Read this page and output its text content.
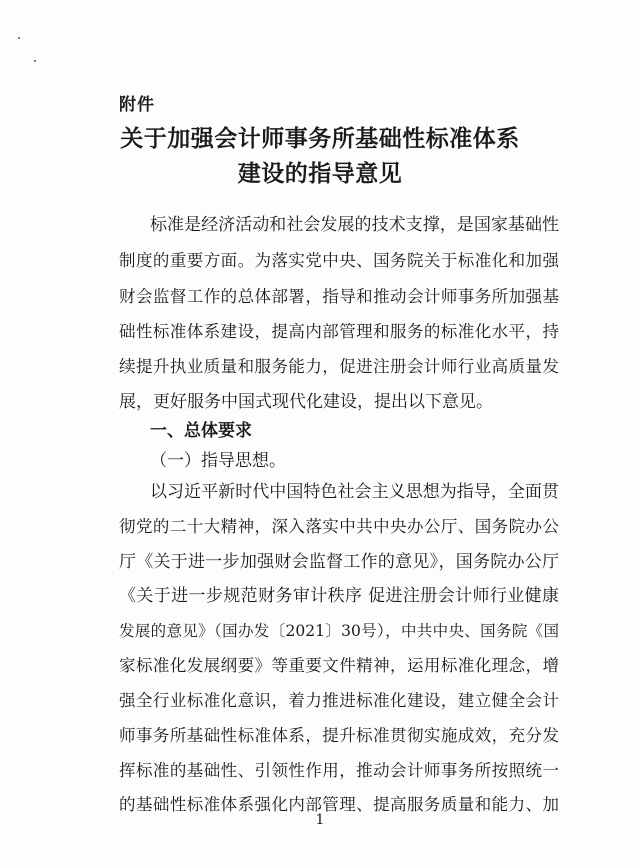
附件
关于加强会计师事务所基础性标准体系
建设的指导意见
标准是经济活动和社会发展的技术支撑，是国家基础性
制度的重要方面。为落实党中央、国务院关于标准化和加强
财会监督工作的总体部署，指导和推动会计师事务所加强基
础性标准体系建设，提高内部管理和服务的标准化水平，持
续提升执业质量和服务能力，促进注册会计师行业高质量发
展，更好服务中国式现代化建设，提出以下意见。
一、总体要求
（一）指导思想。
以习近平新时代中国特色社会主义思想为指导，全面贯
彻党的二十大精神，深入落实中共中央办公厅、国务院办公
厅《关于进一步加强财会监督工作的意见》，国务院办公厅
《关于进一步规范财务审计秩序 促进注册会计师行业健康
发展的意见》（国办发〔2021〕30号），中共中央、国务院《国
家标准化发展纲要》等重要文件精神，运用标准化理念，增
强全行业标准化意识，着力推进标准化建设，建立健全会计
师事务所基础性标准体系，提升标准贯彻实施成效，充分发
挥标准的基础性、引领性作用，推动会计师事务所按照统一
的基础性标准体系强化内部管理、提高服务质量和能力、加
1
